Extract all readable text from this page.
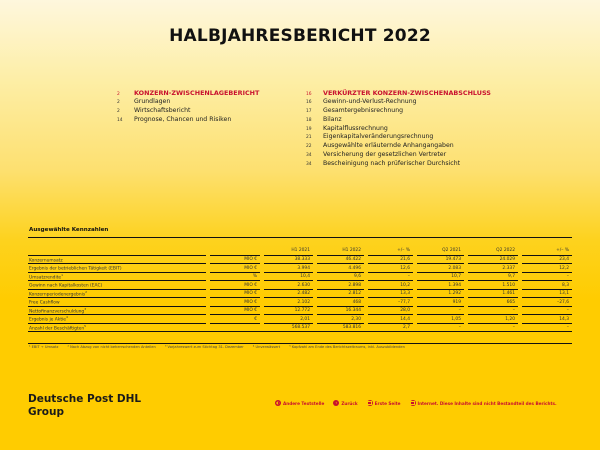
HALBJAHRESBERICHT 2022
2	KONZERN-ZWISCHENLAGEBERICHT
2	Grundlagen
2	Wirtschaftsbericht
14	Prognose, Chancen und Risiken
16	VERKÜRZTER KONZERN-ZWISCHENABSCHLUSS
16	Gewinn-und-Verlust-Rechnung
17	Gesamtergebnisrechnung
18	Bilanz
19	Kapitalflussrechnung
21	Eigenkapitalveränderungsrechnung
22	Ausgewählte erläuternde Anhangangaben
34	Versicherung der gesetzlichen Vertreter
34	Bescheinigung nach prüferischer Durchsicht
Ausgewählte Kennzahlen
				H1 2021		H1 2022		+/– %		Q2 2021		Q2 2022		+/– %
Konzernumsatz		MIO €		38.333		46.422		21,6		19.473		24.029		23,4
Ergebnis der betrieblichen Tätigkeit (EBIT)		MIO €		3.994		4.496		12,6		2.083		2.337		12,2
Umsatzrendite$^1$		%		10,4		9,6		–		10,7		9,7		–
Gewinn nach Kapitalkosten (EAC)		MIO €		2.630		2.898		10,2		1.394		1.510		8,3
Konzernperiodenergebnis$^2$		MIO €		2.482		2.812		13,3		1.292		1.461		13,1
Free Cashflow		MIO €		2.102		468		–77,7		919		665		–27,6
Nettofinanzverschuldung$^3$		MIO €		12.772		16.344		28,0		–		–		–
Ergebnis je Aktie$^4$		€		2,01		2,30		14,4		1,05		1,20		14,3
Anzahl der Beschäftigten$^5$				568.537		583.816		2,7		–		–		–
¹ EBIT ÷ Umsatz	² Nach Abzug von nicht beherrschenden Anteilen	³ Vorjahreswert zum Stichtag 31. Dezember	⁴ Unverwässert	⁵ Kopfzahl am Ende des Berichtszeitraums, inkl. Auszubildenden
Deutsche Post DHL
Group
◐ Andere Textstelle	‹ Zurück	Erste Seite	Internet. Diese Inhalte sind nicht Bestandteil des Berichts.
